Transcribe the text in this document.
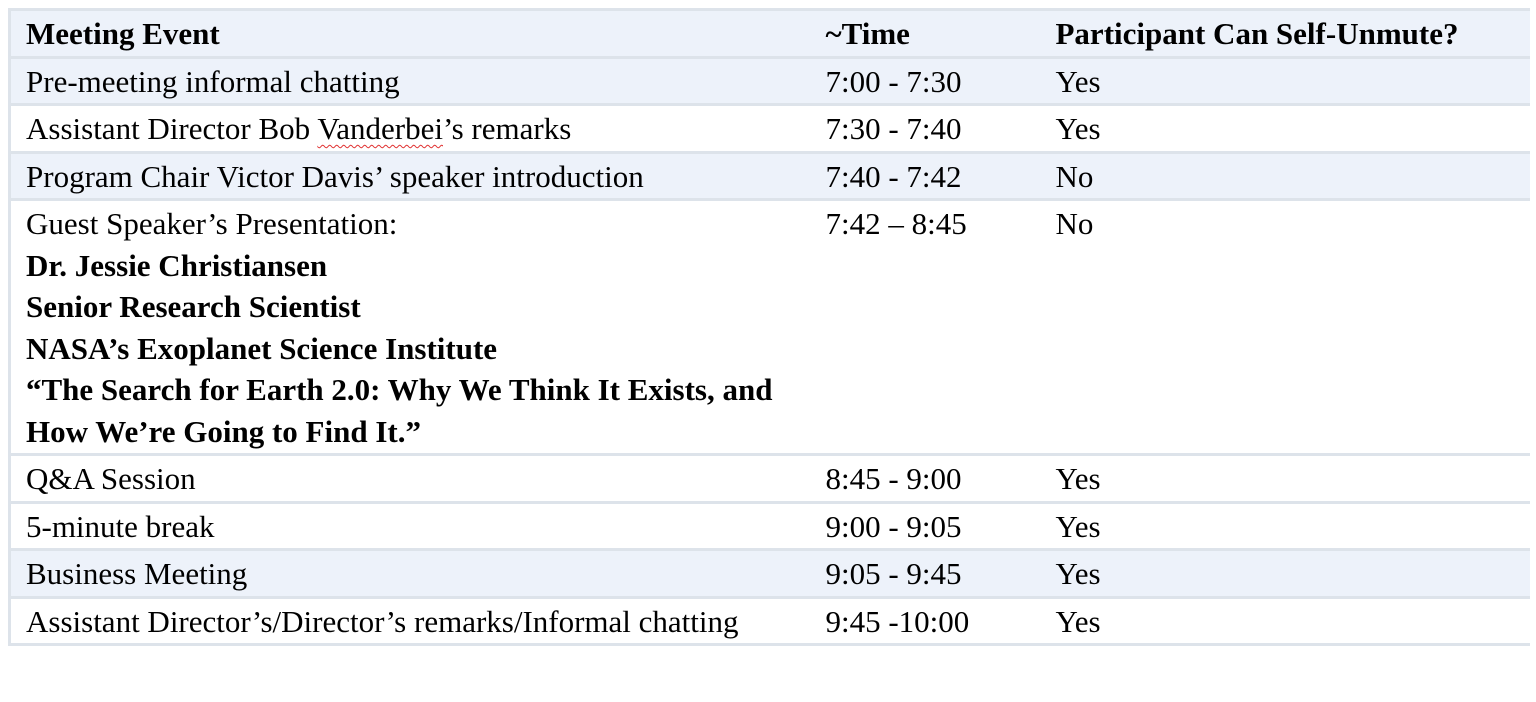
Meeting Event	~Time	Participant Can Self-Unmute?
Pre-meeting informal chatting	7:00 - 7:30	Yes
Assistant Director Bob Vanderbei’s remarks	7:30 - 7:40	Yes
Program Chair Victor Davis’ speaker introduction	7:40 - 7:42	No

Guest Speaker’s Presentation:
Dr. Jessie Christiansen
Senior Research Scientist
NASA’s Exoplanet Science Institute
“The Search for Earth 2.0: Why We Think It Exists, and How We’re Going to Find It.”	7:42 – 8:45	No
Q&A Session	8:45 - 9:00	Yes
5-minute break	9:00 - 9:05	Yes
Business Meeting	9:05 - 9:45	Yes
Assistant Director’s/Director’s remarks/Informal chatting	9:45 -10:00	Yes
